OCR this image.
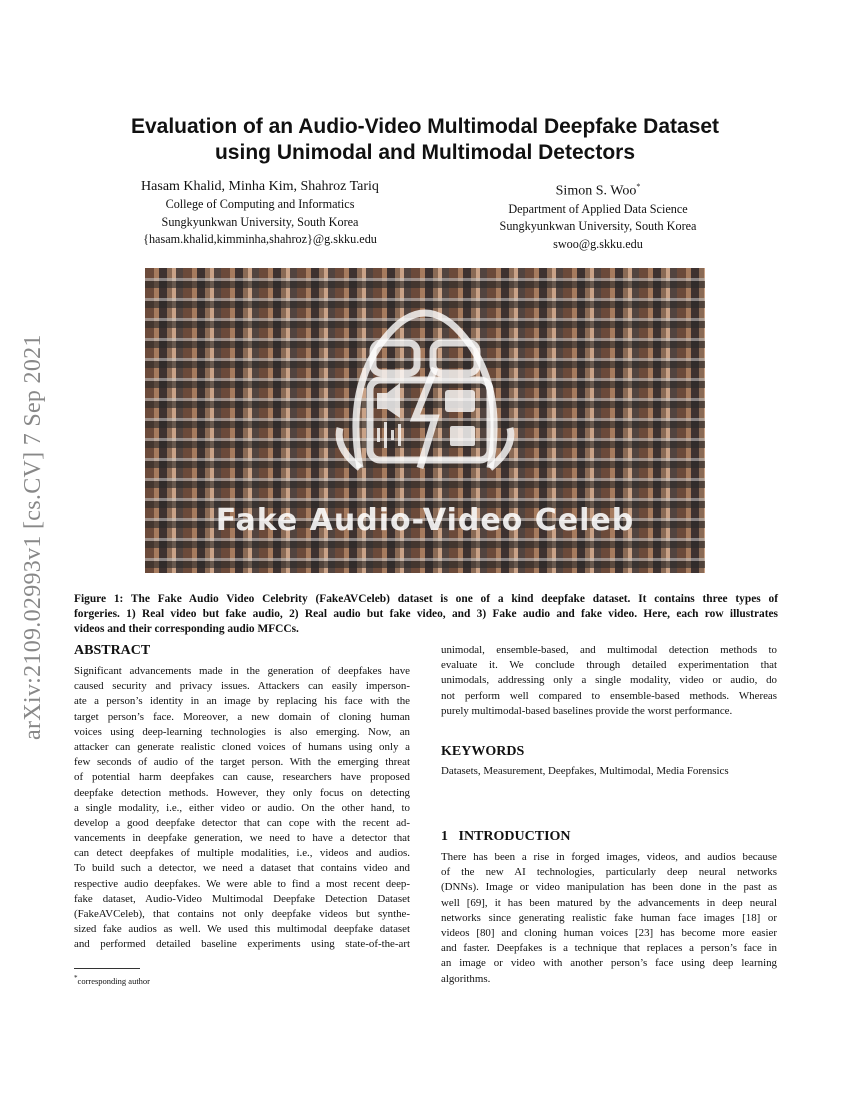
arXiv:2109.02993v1 [cs.CV] 7 Sep 2021
Evaluation of an Audio-Video Multimodal Deepfake Dataset
using Unimodal and Multimodal Detectors
Hasam Khalid, Minha Kim, Shahroz Tariq
College of Computing and Informatics
Sungkyunkwan University, South Korea
{hasam.khalid,kimminha,shahroz}@g.skku.edu
Simon S. Woo*
Department of Applied Data Science
Sungkyunkwan University, South Korea
swoo@g.skku.edu
Fake Audio-Video Celeb
Figure 1: The Fake Audio Video Celebrity (FakeAVCeleb) dataset is one of a kind deepfake dataset. It contains three types of
forgeries. 1) Real video but fake audio, 2) Real audio but fake video, and 3) Fake audio and fake video. Here, each row illustrates
videos and their corresponding audio MFCCs.
ABSTRACT
Significant advancements made in the generation of deepfakes have
caused security and privacy issues. Attackers can easily imperson-
ate a person’s identity in an image by replacing his face with the
target person’s face. Moreover, a new domain of cloning human
voices using deep-learning technologies is also emerging. Now, an
attacker can generate realistic cloned voices of humans using only a
few seconds of audio of the target person. With the emerging threat
of potential harm deepfakes can cause, researchers have proposed
deepfake detection methods. However, they only focus on detecting
a single modality, i.e., either video or audio. On the other hand, to
develop a good deepfake detector that can cope with the recent ad-
vancements in deepfake generation, we need to have a detector that
can detect deepfakes of multiple modalities, i.e., videos and audios.
To build such a detector, we need a dataset that contains video and
respective audio deepfakes. We were able to find a most recent deep-
fake dataset, Audio-Video Multimodal Deepfake Detection Dataset
(FakeAVCeleb), that contains not only deepfake videos but synthe-
sized fake audios as well. We used this multimodal deepfake dataset
and performed detailed baseline experiments using state-of-the-art
unimodal, ensemble-based, and multimodal detection methods to
evaluate it. We conclude through detailed experimentation that
unimodals, addressing only a single modality, video or audio, do
not perform well compared to ensemble-based methods. Whereas
purely multimodal-based baselines provide the worst performance.
KEYWORDS
Datasets, Measurement, Deepfakes, Multimodal, Media Forensics
1   INTRODUCTION
There has been a rise in forged images, videos, and audios because
of the new AI technologies, particularly deep neural networks
(DNNs). Image or video manipulation has been done in the past as
well [69], it has been matured by the advancements in deep neural
networks since generating realistic fake human face images [18] or
videos [80] and cloning human voices [23] has become more easier
and faster. Deepfakes is a technique that replaces a person’s face in
an image or video with another person’s face using deep learning
algorithms.
*corresponding author
